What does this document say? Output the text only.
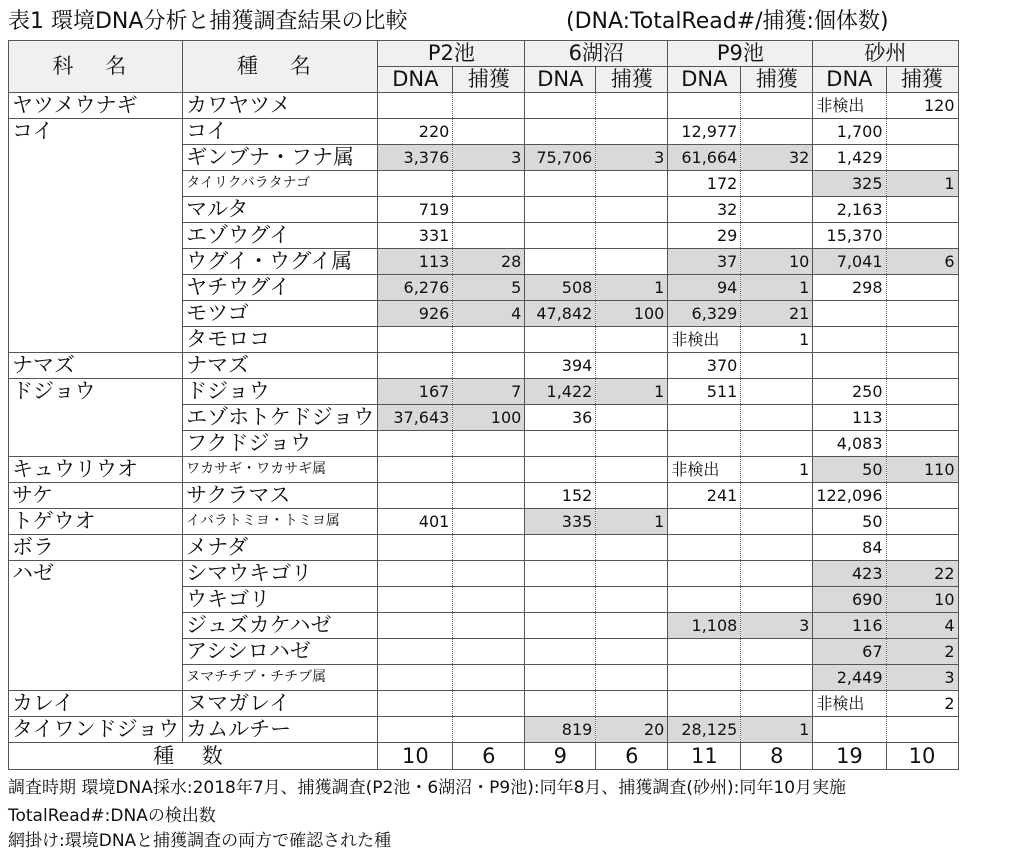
表1 環境DNA分析と捕獲調査結果の比較	(DNA:TotalRead#/捕獲:個体数)
科 名	種 名	P2池		6湖沼		P9池		砂州	
		DNA	捕獲	DNA	捕獲	DNA	捕獲	DNA	捕獲
ヤツメウナギ	カワヤツメ							非検出	120
コイ	コイ	220				12,977		1,700	
	ギンブナ・フナ属	3,376	3	75,706	3	61,664	32	1,429	
	タイリクバラタナゴ					172		325	1
	マルタ	719				32		2,163	
	エゾウグイ	331				29		15,370	
	ウグイ・ウグイ属	113	28			37	10	7,041	6
	ヤチウグイ	6,276	5	508	1	94	1	298	
	モツゴ	926	4	47,842	100	6,329	21		
	タモロコ					非検出	1		
ナマズ	ナマズ			394		370			
ドジョウ	ドジョウ	167	7	1,422	1	511		250	
	エゾホトケドジョウ	37,643	100	36				113	
	フクドジョウ							4,083	
キュウリウオ	ワカサギ・ワカサギ属					非検出	1	50	110
サケ	サクラマス			152		241		122,096	
トゲウオ	イバラトミヨ・トミヨ属	401		335	1			50	
ボラ	メナダ							84	
ハゼ	シマウキゴリ							423	22
	ウキゴリ							690	10
	ジュズカケハゼ					1,108	3	116	4
	アシシロハゼ							67	2
	ヌマチチブ・チチブ属							2,449	3
カレイ	ヌマガレイ							非検出	2
タイワンドジョウ	カムルチー			819	20	28,125	1		
種 数		10	6	9	6	11	8	19	10
調査時期 環境DNA採水:2018年7月、捕獲調査(P2池・6湖沼・P9池):同年8月、捕獲調査(砂州):同年10月実施
TotalRead#:DNAの検出数
網掛け:環境DNAと捕獲調査の両方で確認された種
